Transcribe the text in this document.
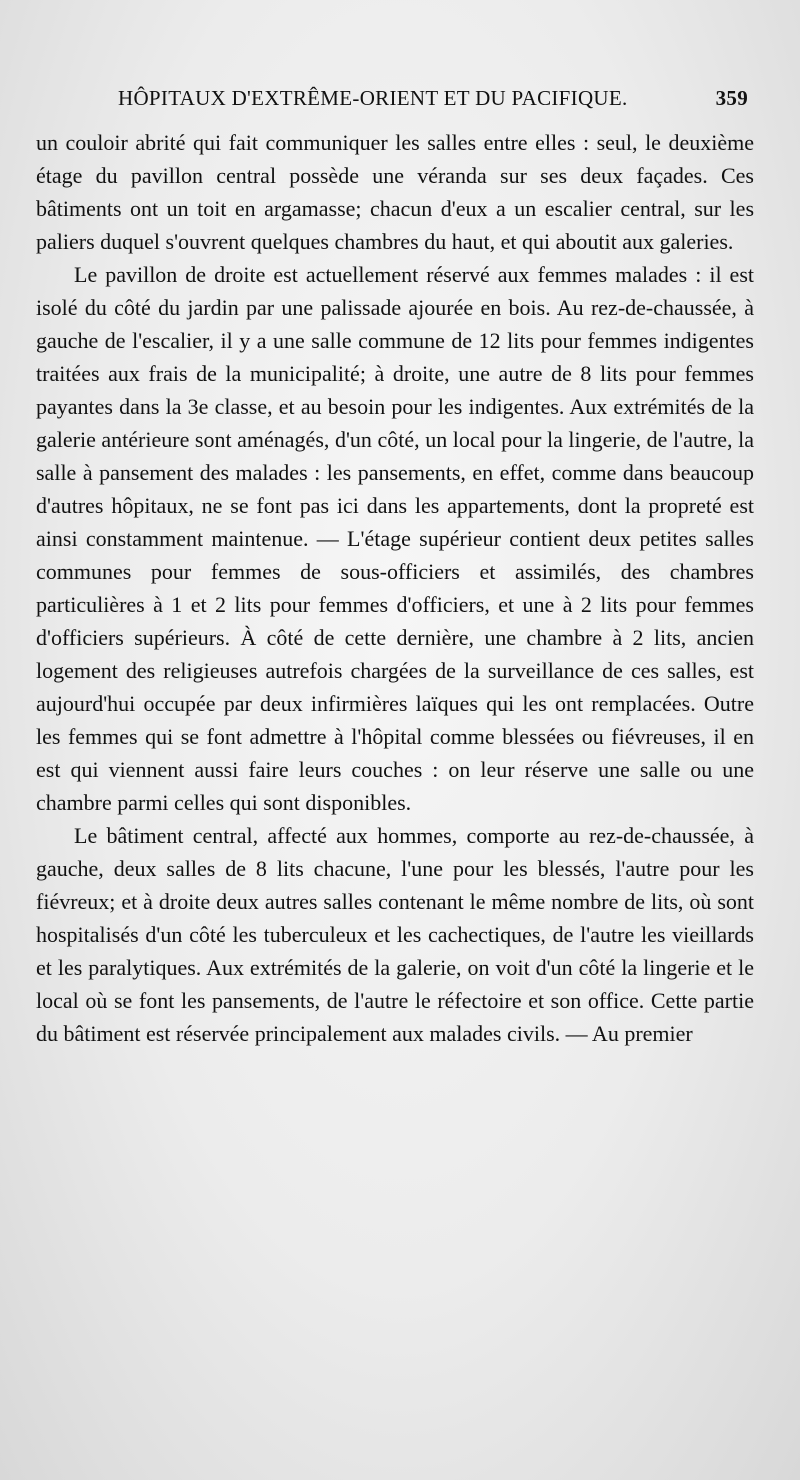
HÔPITAUX D'EXTRÊME-ORIENT ET DU PACIFIQUE.	359

un couloir abrité qui fait communiquer les salles entre elles : seul, le deuxième étage du pavillon central possède une véranda sur ses deux façades. Ces bâtiments ont un toit en argamasse; chacun d'eux a un escalier central, sur les paliers duquel s'ouvrent quelques chambres du haut, et qui aboutit aux galeries.

Le pavillon de droite est actuellement réservé aux femmes malades : il est isolé du côté du jardin par une palissade ajourée en bois. Au rez-de-chaussée, à gauche de l'escalier, il y a une salle commune de 12 lits pour femmes indigentes traitées aux frais de la municipalité; à droite, une autre de 8 lits pour femmes payantes dans la 3e classe, et au besoin pour les indigentes. Aux extrémités de la galerie antérieure sont aménagés, d'un côté, un local pour la lingerie, de l'autre, la salle à pansement des malades : les pansements, en effet, comme dans beaucoup d'autres hôpitaux, ne se font pas ici dans les appartements, dont la propreté est ainsi constamment maintenue. — L'étage supérieur contient deux petites salles communes pour femmes de sous-officiers et assimilés, des chambres particulières à 1 et 2 lits pour femmes d'officiers, et une à 2 lits pour femmes d'officiers supérieurs. À côté de cette dernière, une chambre à 2 lits, ancien logement des religieuses autrefois chargées de la surveillance de ces salles, est aujourd'hui occupée par deux infirmières laïques qui les ont remplacées. Outre les femmes qui se font admettre à l'hôpital comme blessées ou fiévreuses, il en est qui viennent aussi faire leurs couches : on leur réserve une salle ou une chambre parmi celles qui sont disponibles.

Le bâtiment central, affecté aux hommes, comporte au rez-de-chaussée, à gauche, deux salles de 8 lits chacune, l'une pour les blessés, l'autre pour les fiévreux; et à droite deux autres salles contenant le même nombre de lits, où sont hospitalisés d'un côté les tuberculeux et les cachectiques, de l'autre les vieillards et les paralytiques. Aux extrémités de la galerie, on voit d'un côté la lingerie et le local où se font les pansements, de l'autre le réfectoire et son office. Cette partie du bâtiment est réservée principalement aux malades civils. — Au premier
